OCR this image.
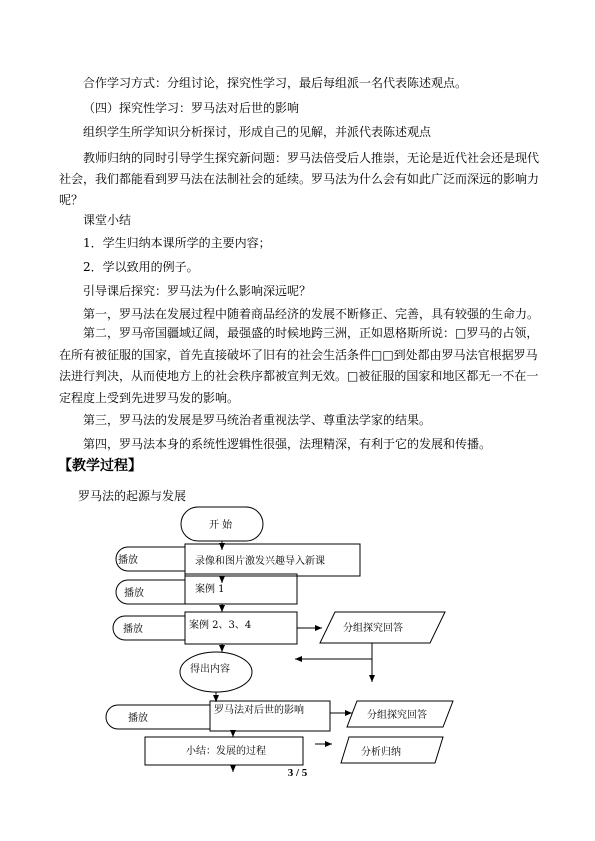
合作学习方式：分组讨论，探究性学习，最后每组派一名代表陈述观点。

（四）探究性学习：罗马法对后世的影响

组织学生所学知识分析探讨，形成自己的见解，并派代表陈述观点

教师归纳的同时引导学生探究新问题：罗马法倍受后人推崇，无论是近代社会还是现代社会，我们都能看到罗马法在法制社会的延续。罗马法为什么会有如此广泛而深远的影响力呢？

课堂小结

1．学生归纳本课所学的主要内容；

2．学以致用的例子。

引导课后探究：罗马法为什么影响深远呢？

第一，罗马法在发展过程中随着商品经济的发展不断修正、完善，具有较强的生命力。

第二，罗马帝国疆域辽阔，最强盛的时候地跨三洲，正如恩格斯所说：□罗马的占领，在所有被征服的国家，首先直接破坏了旧有的社会生活条件□□到处都由罗马法官根据罗马法进行判决，从而使地方上的社会秩序都被宣判无效。□被征服的国家和地区都无一不在一定程度上受到先进罗马发的影响。

第三，罗马法的发展是罗马统治者重视法学、尊重法学家的结果。

第四，罗马法本身的系统性逻辑性很强，法理精深，有利于它的发展和传播。

【教学过程】
罗马法的起源与发展
开 始
播放	录像和图片激发兴趣导入新课
播放	案例 1
播放	案例 2、3、4	分组探究回答
得出内容
播放
罗马法对后世的影响	分组探究回答
小结：发展的过程	分析归纳
3 / 5
